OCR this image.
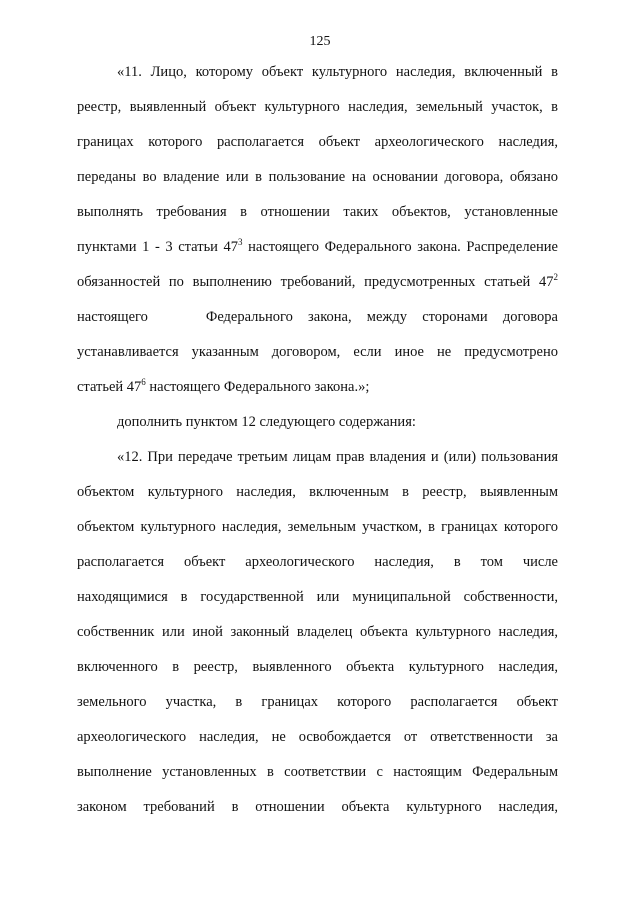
125
«11. Лицо, которому объект культурного наследия, включенный в
реестр, выявленный объект культурного наследия, земельный участок, в
границах которого располагается объект археологического наследия,
переданы во владение или в пользование на основании договора, обязано
выполнять требования в отношении таких объектов, установленные
пунктами 1 - 3 статьи $47^3$ настоящего Федерального закона. Распределение
обязанностей по выполнению требований, предусмотренных статьей $47^2$
настоящего	Федерального закона, между сторонами договора
устанавливается указанным договором, если иное не предусмотрено
статьей $47^6$ настоящего Федерального закона.»;
дополнить пунктом 12 следующего содержания:
«12. При передаче третьим лицам прав владения и (или) пользования
объектом культурного наследия, включенным в реестр, выявленным
объектом культурного наследия, земельным участком, в границах которого
располагается объект археологического наследия, в том числе
находящимися в государственной или муниципальной собственности,
собственник или иной законный владелец объекта культурного наследия,
включенного в реестр, выявленного объекта культурного наследия,
земельного участка, в границах которого располагается объект
археологического наследия, не освобождается от ответственности за
выполнение установленных в соответствии с настоящим Федеральным
законом требований в отношении объекта культурного наследия,
